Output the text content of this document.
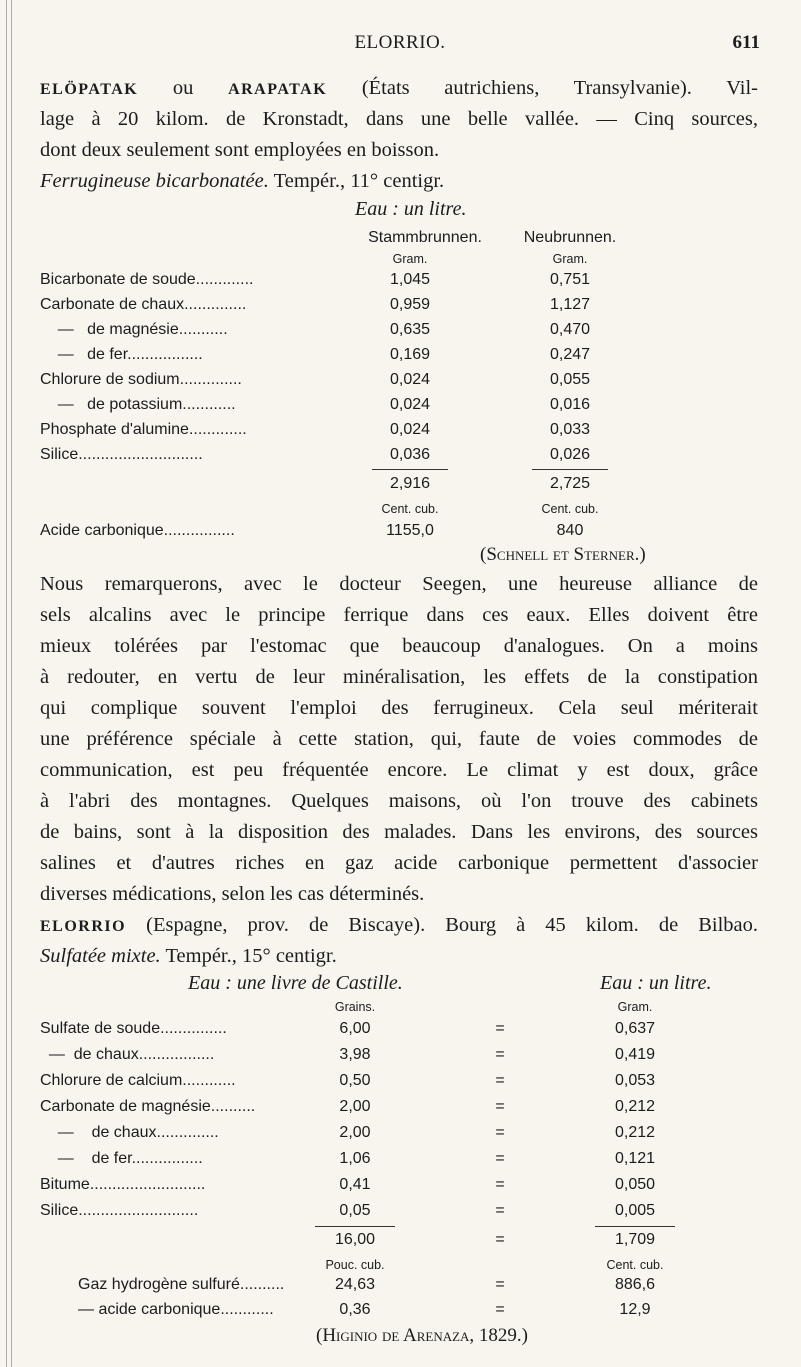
ELORRIO.	611
ELÖPATAK ou ARAPATAK (États autrichiens, Transylvanie). Vil-
lage à 20 kilom. de Kronstadt, dans une belle vallée. — Cinq sources,
dont deux seulement sont employées en boisson.
Ferrugineuse bicarbonatée. Tempér., 11° centigr.
Eau : un litre.
Stammbrunnen.	Neubrunnen.
Gram.	Gram.
Bicarbonate de soude.............	1,045	0,751
Carbonate de chaux..............	0,959	1,127
—   de magnésie...........	0,635	0,470
—   de fer.................	0,169	0,247
Chlorure de sodium..............	0,024	0,055
—   de potassium............	0,024	0,016
Phosphate d'alumine.............	0,024	0,033
Silice............................	0,036	0,026
2,916	2,725
Cent. cub.	Cent. cub.
Acide carbonique................	1155,0	840
(Schnell et Sterner.)
Nous remarquerons, avec le docteur Seegen, une heureuse alliance de
sels alcalins avec le principe ferrique dans ces eaux. Elles doivent être
mieux tolérées par l'estomac que beaucoup d'analogues. On a moins
à redouter, en vertu de leur minéralisation, les effets de la constipation
qui complique souvent l'emploi des ferrugineux. Cela seul mériterait
une préférence spéciale à cette station, qui, faute de voies commodes de
communication, est peu fréquentée encore. Le climat y est doux, grâce
à l'abri des montagnes. Quelques maisons, où l'on trouve des cabinets
de bains, sont à la disposition des malades. Dans les environs, des sources
salines et d'autres riches en gaz acide carbonique permettent d'associer
diverses médications, selon les cas déterminés.
ELORRIO (Espagne, prov. de Biscaye). Bourg à 45 kilom. de Bilbao.
Sulfatée mixte. Tempér., 15° centigr.
Eau : une livre de Castille.	Eau : un litre.
Grains.	Gram.
Sulfate de soude...............	6,00	=	0,637
—  de chaux.................	3,98	=	0,419
Chlorure de calcium............	0,50	=	0,053
Carbonate de magnésie..........	2,00	=	0,212
—    de chaux..............	2,00	=	0,212
—    de fer................	1,06	=	0,121
Bitume..........................	0,41	=	0,050
Silice...........................	0,05	=	0,005
16,00	=	1,709
Pouc. cub.	Cent. cub.
Gaz hydrogène sulfuré..........	24,63	=	886,6
— acide carbonique............	0,36	=	12,9
(Higinio de Arenaza, 1829.)
